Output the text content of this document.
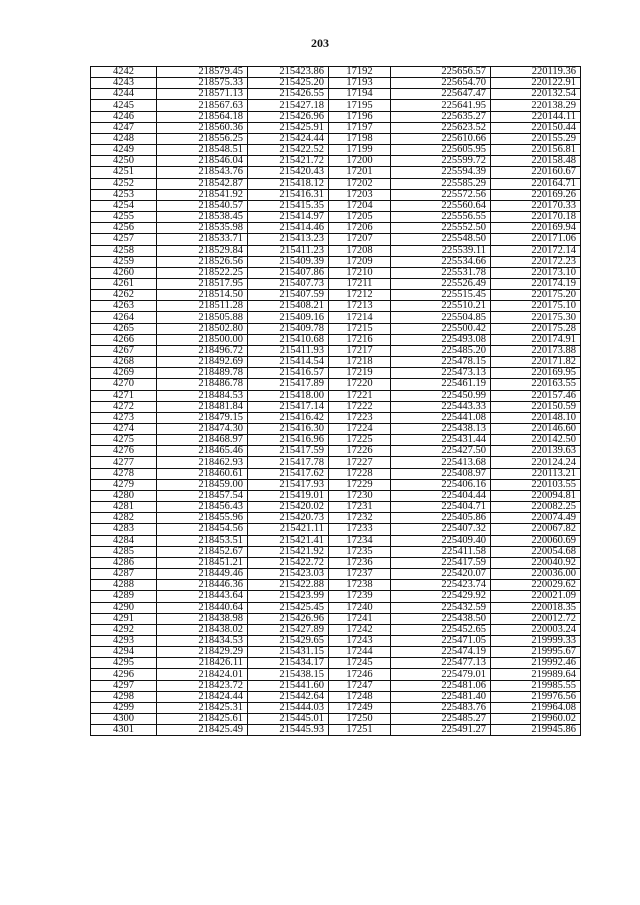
203
4242	218579.45	215423.86	17192	225656.57	220119.36
4243	218575.33	215425.20	17193	225654.70	220122.91
4244	218571.13	215426.55	17194	225647.47	220132.54
4245	218567.63	215427.18	17195	225641.95	220138.29
4246	218564.18	215426.96	17196	225635.27	220144.11
4247	218560.36	215425.91	17197	225623.52	220150.44
4248	218556.25	215424.44	17198	225610.66	220155.29
4249	218548.51	215422.52	17199	225605.95	220156.81
4250	218546.04	215421.72	17200	225599.72	220158.48
4251	218543.76	215420.43	17201	225594.39	220160.67
4252	218542.87	215418.12	17202	225585.29	220164.71
4253	218541.92	215416.31	17203	225572.56	220169.26
4254	218540.57	215415.35	17204	225560.64	220170.33
4255	218538.45	215414.97	17205	225556.55	220170.18
4256	218535.98	215414.46	17206	225552.50	220169.94
4257	218533.71	215413.23	17207	225548.50	220171.06
4258	218529.84	215411.23	17208	225539.11	220172.14
4259	218526.56	215409.39	17209	225534.66	220172.23
4260	218522.25	215407.86	17210	225531.78	220173.10
4261	218517.95	215407.73	17211	225526.49	220174.19
4262	218514.50	215407.59	17212	225515.45	220175.20
4263	218511.28	215408.21	17213	225510.21	220175.10
4264	218505.88	215409.16	17214	225504.85	220175.30
4265	218502.80	215409.78	17215	225500.42	220175.28
4266	218500.00	215410.68	17216	225493.08	220174.91
4267	218496.72	215411.93	17217	225485.20	220173.88
4268	218492.69	215414.54	17218	225478.15	220171.82
4269	218489.78	215416.57	17219	225473.13	220169.95
4270	218486.78	215417.89	17220	225461.19	220163.55
4271	218484.53	215418.00	17221	225450.99	220157.46
4272	218481.84	215417.14	17222	225443.33	220150.59
4273	218479.15	215416.42	17223	225441.08	220148.10
4274	218474.30	215416.30	17224	225438.13	220146.60
4275	218468.97	215416.96	17225	225431.44	220142.50
4276	218465.46	215417.59	17226	225427.50	220139.63
4277	218462.93	215417.78	17227	225413.68	220124.24
4278	218460.61	215417.62	17228	225408.97	220113.21
4279	218459.00	215417.93	17229	225406.16	220103.55
4280	218457.54	215419.01	17230	225404.44	220094.81
4281	218456.43	215420.02	17231	225404.71	220082.25
4282	218455.96	215420.73	17232	225405.86	220074.49
4283	218454.56	215421.11	17233	225407.32	220067.82
4284	218453.51	215421.41	17234	225409.40	220060.69
4285	218452.67	215421.92	17235	225411.58	220054.68
4286	218451.21	215422.72	17236	225417.59	220040.92
4287	218449.46	215423.03	17237	225420.07	220036.00
4288	218446.36	215422.88	17238	225423.74	220029.62
4289	218443.64	215423.99	17239	225429.92	220021.09
4290	218440.64	215425.45	17240	225432.59	220018.35
4291	218438.98	215426.96	17241	225438.50	220012.72
4292	218438.02	215427.89	17242	225452.65	220003.24
4293	218434.53	215429.65	17243	225471.05	219999.33
4294	218429.29	215431.15	17244	225474.19	219995.67
4295	218426.11	215434.17	17245	225477.13	219992.46
4296	218424.01	215438.15	17246	225479.01	219989.64
4297	218423.72	215441.60	17247	225481.06	219985.55
4298	218424.44	215442.64	17248	225481.40	219976.56
4299	218425.31	215444.03	17249	225483.76	219964.08
4300	218425.61	215445.01	17250	225485.27	219960.02
4301	218425.49	215445.93	17251	225491.27	219945.86
